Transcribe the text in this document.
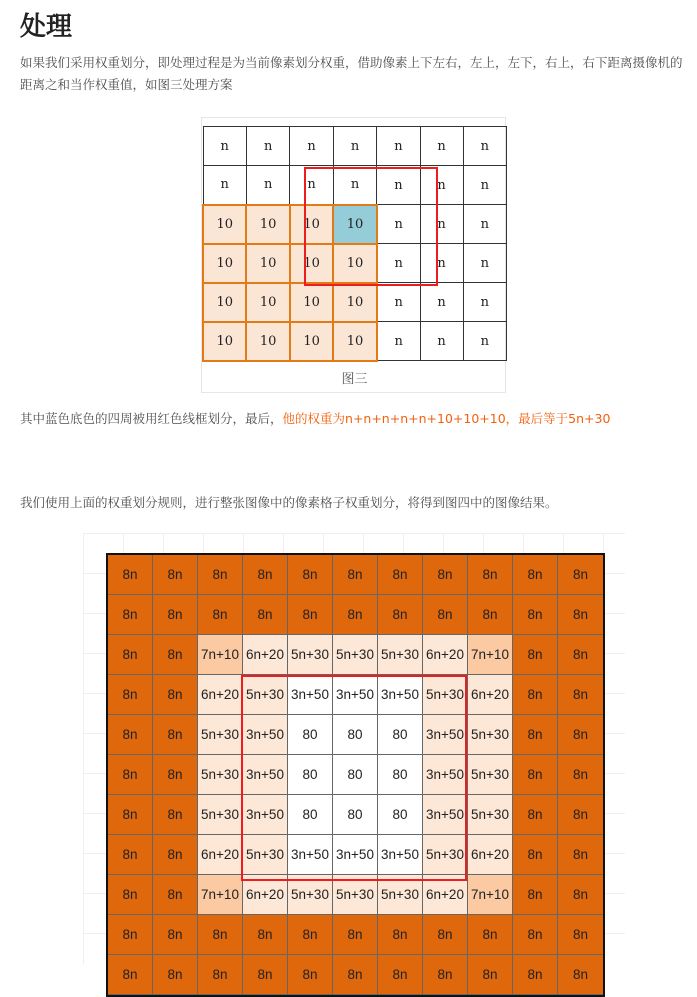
处理

如果我们采用权重划分，即处理过程是为当前像素划分权重，借助像素上下左右，左上，左下，右上，右下距离摄像机的距离之和当作权重值，如图三处理方案

n	n	n	n	n	n	n
n	n	n	n	n	n	n
10	10	10	10	n	n	n
10	10	10	10	n	n	n
10	10	10	10	n	n	n
10	10	10	10	n	n	n
图三

其中蓝色底色的四周被用红色线框划分，最后，他的权重为n+n+n+n+n+10+10+10，最后等于5n+30

我们使用上面的权重划分规则，进行整张图像中的像素格子权重划分，将得到图四中的图像结果。

8n	8n	8n	8n	8n	8n	8n	8n	8n	8n	8n
8n	8n	8n	8n	8n	8n	8n	8n	8n	8n	8n
8n	8n	7n+10 6n+20 5n+30 5n+30 5n+30 6n+20 7n+10	8n	8n
8n	8n	6n+20 5n+30 3n+50 3n+50 3n+50 5n+30 6n+20	8n	8n
8n	8n	5n+30 3n+50	80	80	80	3n+50 5n+30	8n	8n
8n	8n	5n+30 3n+50	80	80	80	3n+50 5n+30	8n	8n
8n	8n	5n+30 3n+50	80	80	80	3n+50 5n+30	8n	8n
8n	8n	6n+20 5n+30 3n+50 3n+50 3n+50 5n+30 6n+20	8n	8n
8n	8n	7n+10 6n+20 5n+30 5n+30 5n+30 6n+20 7n+10	8n	8n
8n	8n	8n	8n	8n	8n	8n	8n	8n	8n	8n
8n	8n	8n	8n	8n	8n	8n	8n	8n	8n	8n
